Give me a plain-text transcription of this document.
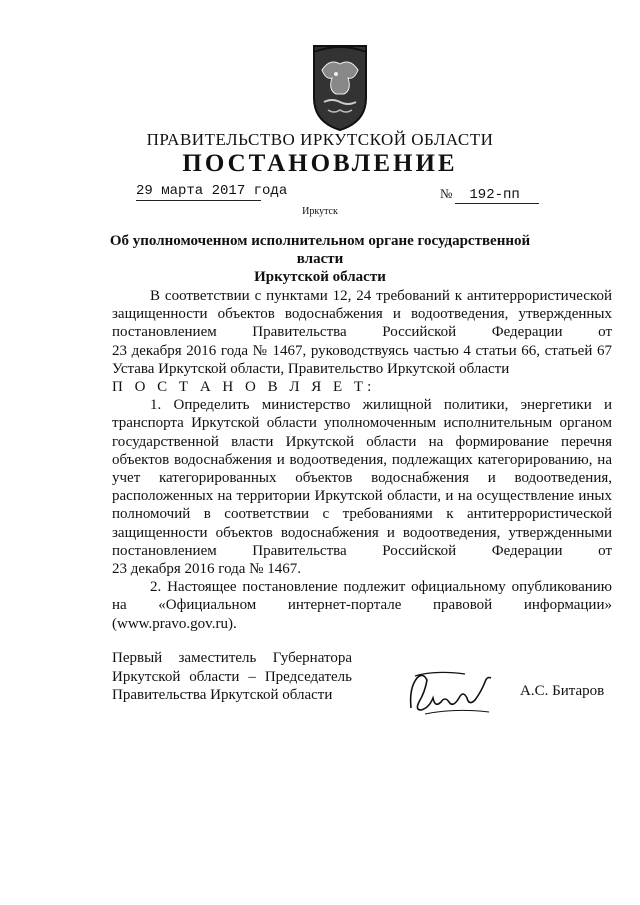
ПРАВИТЕЛЬСТВО ИРКУТСКОЙ ОБЛАСТИ
ПОСТАНОВЛЕНИЕ
29 марта 2017 года	№ 192-пп
Иркутск
Об уполномоченном исполнительном органе государственной власти
Иркутской области

В соответствии с пунктами 12, 24 требований к антитеррористической

защищенности объектов водоснабжения и водоотведения, утвержденных

постановлением Правительства Российской Федерации от

23 декабря 2016 года № 1467, руководствуясь частью 4 статьи 66, статьей 67

Устава Иркутской области, Правительство Иркутской области

П О С Т А Н О В Л Я Е Т:

1. Определить министерство жилищной политики, энергетики и

транспорта Иркутской области уполномоченным исполнительным органом

государственной власти Иркутской области на формирование перечня

объектов водоснабжения и водоотведения, подлежащих категорированию, на

учет категорированных объектов водоснабжения и водоотведения,

расположенных на территории Иркутской области, и на осуществление иных

полномочий в соответствии с требованиями к антитеррористической

защищенности объектов водоснабжения и водоотведения, утвержденными

постановлением Правительства Российской Федерации от

23 декабря 2016 года № 1467.

2. Настоящее постановление подлежит официальному опубликованию

на «Официальном интернет-портале правовой информации»

(www.pravo.gov.ru).

Первый заместитель Губернатора
Иркутской области – Председатель
Правительства Иркутской области	А.С. Битаров
